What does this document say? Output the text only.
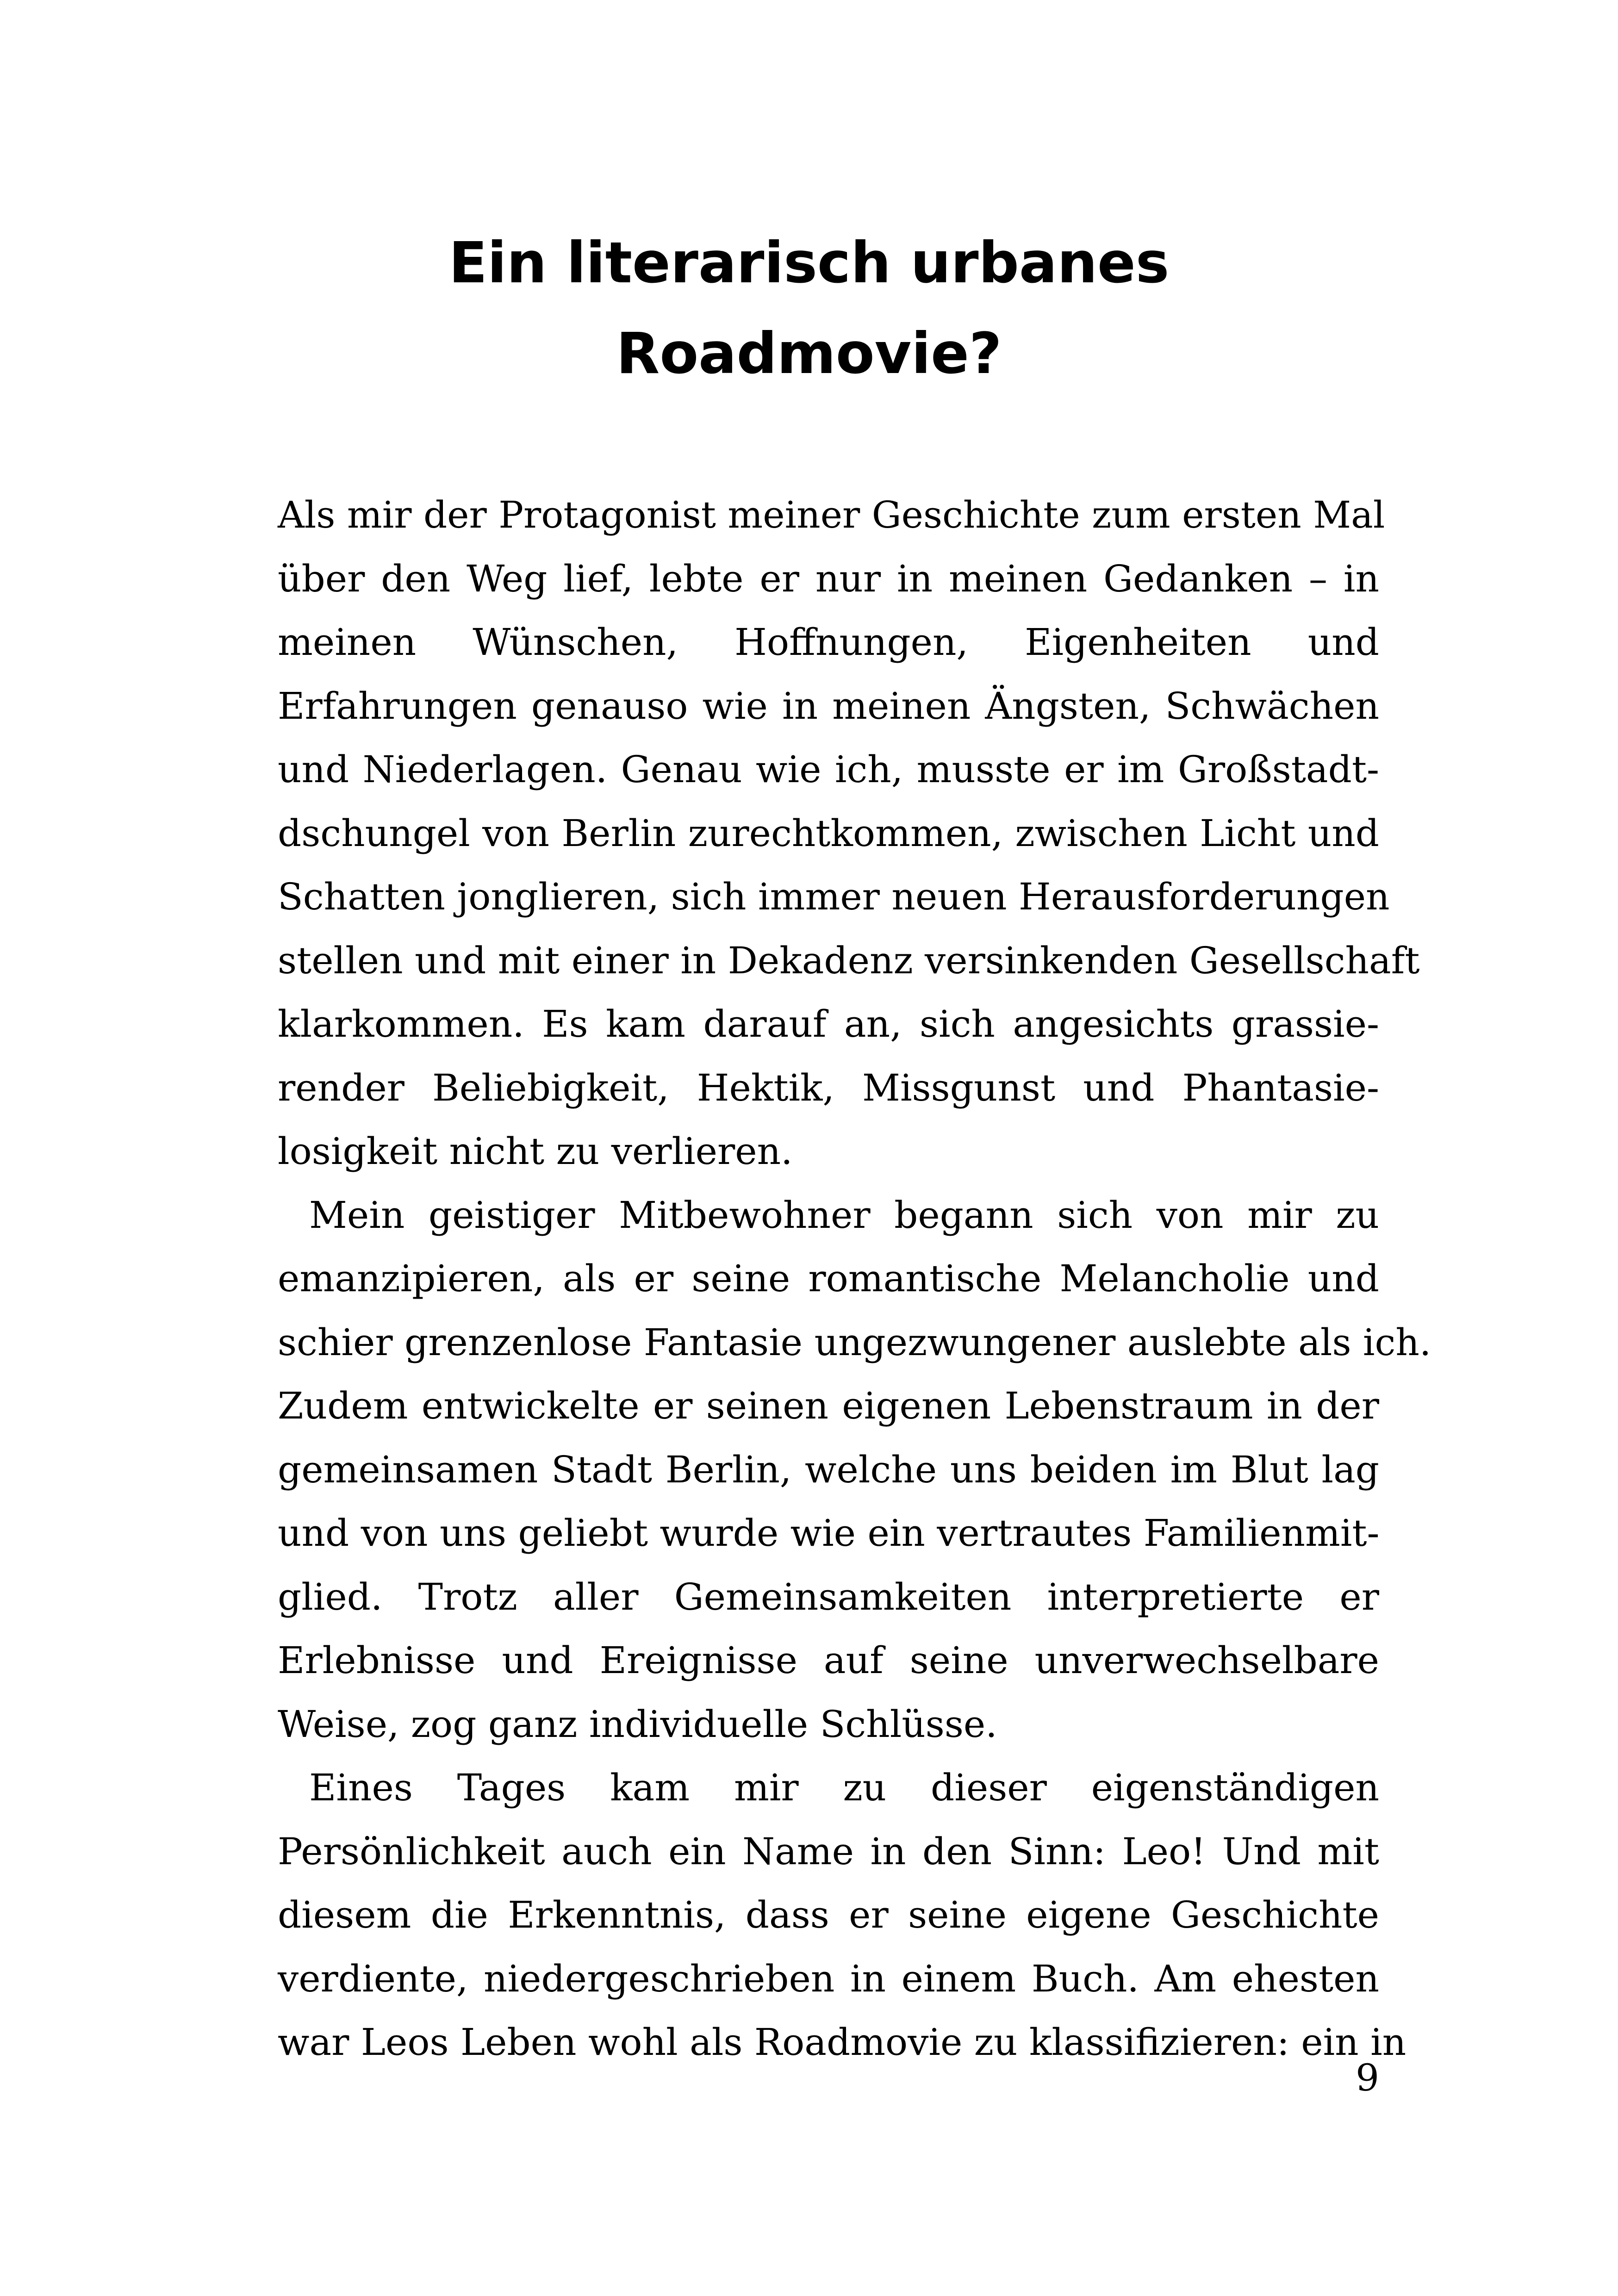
Ein literarisch urbanes
Roadmovie?
Als mir der Protagonist meiner Geschichte zum ersten Mal
über den Weg lief, lebte er nur in meinen Gedanken – in
meinen Wünschen, Hoffnungen, Eigenheiten und
Erfahrungen genauso wie in meinen Ängsten, Schwächen
und Niederlagen. Genau wie ich, musste er im Großstadt-
dschungel von Berlin zurechtkommen, zwischen Licht und
Schatten jonglieren, sich immer neuen Herausforderungen
stellen und mit einer in Dekadenz versinkenden Gesellschaft
klarkommen. Es kam darauf an, sich angesichts grassie-
render Beliebigkeit, Hektik, Missgunst und Phantasie-
losigkeit nicht zu verlieren.
Mein geistiger Mitbewohner begann sich von mir zu
emanzipieren, als er seine romantische Melancholie und
schier grenzenlose Fantasie ungezwungener auslebte als ich.
Zudem entwickelte er seinen eigenen Lebenstraum in der
gemeinsamen Stadt Berlin, welche uns beiden im Blut lag
und von uns geliebt wurde wie ein vertrautes Familienmit-
glied. Trotz aller Gemeinsamkeiten interpretierte er
Erlebnisse und Ereignisse auf seine unverwechselbare
Weise, zog ganz individuelle Schlüsse.
Eines Tages kam mir zu dieser eigenständigen
Persönlichkeit auch ein Name in den Sinn: Leo! Und mit
diesem die Erkenntnis, dass er seine eigene Geschichte
verdiente, niedergeschrieben in einem Buch. Am ehesten
war Leos Leben wohl als Roadmovie zu klassifizieren: ein in
9
